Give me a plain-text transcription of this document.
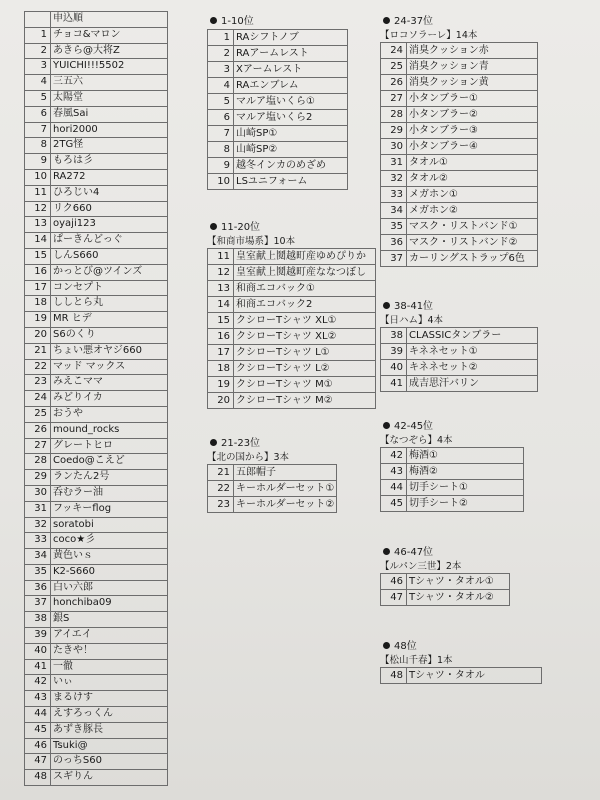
	申込順
1	チョコ&マロン
2	あきら@大将Z
3	YUICHI!!!5502
4	三五六
5	太陽堂
6	春風Sai
7	hori2000
8	2TG怪
9	もろは彡
10	RA272
11	ひろじい4
12	リク660
13	oyaji123
14	ぱーきんどっぐ
15	しんS660
16	かっとび@ツインズ
17	コンセプト
18	ししとら丸
19	MR ヒデ
20	S6のくり
21	ちょい悪オヤジ660
22	マッド マックス
23	みえこママ
24	みどりイカ
25	おうや
26	mound_rocks
27	グレートヒロ
28	Coedo@こえど
29	ランたん2号
30	呑むラー油
31	フッキーflog
32	soratobi
33	coco★彡
34	黄色いｓ
35	K2-S660
36	白い六郎
37	honchiba09
38	銀S
39	アイエイ
40	たきや！
41	一徹
42	いぃ
43	まるけす
44	えすろっくん
45	あずき豚長
46	Tsuki@
47	のっちS60
48	スギりん
1-10位
1	RAシフトノブ
2	RAアームレスト
3	Xアームレスト
4	RAエンブレム
5	マルア塩いくら①
6	マルア塩いくら2
7	山崎SP①
8	山崎SP②
9	越冬インカのめざめ
10	LSユニフォーム
11-20位
【和商市場系】10本
11	皇室献上鬩越町産ゆめぴりか
12	皇室献上鬩越町産ななつぼし
13	和商エコバック①
14	和商エコバック2
15	クシローTシャツ XL①
16	クシローTシャツ XL②
17	クシローTシャツ L①
18	クシローTシャツ L②
19	クシローTシャツ M①
20	クシローTシャツ M②
21-23位
【北の国から】3本
21	五郎帽子
22	キーホルダーセット①
23	キーホルダーセット②
24-37位
【ロコソラーレ】14本
24	消臭クッション赤
25	消臭クッション青
26	消臭クッション黄
27	小タンブラー①
28	小タンブラー②
29	小タンブラー③
30	小タンブラー④
31	タオル①
32	タオル②
33	メガホン①
34	メガホン②
35	マスク・リストバンド①
36	マスク・リストバンド②
37	カーリングストラップ6色
38-41位
【日ハム】4本
38	CLASSICタンブラー
39	キネネセット①
40	キネネセット②
41	成吉思汗バリン
42-45位
【なつぞら】4本
42	梅酒①
43	梅酒②
44	切手シート①
45	切手シート②
46-47位
【ルパン三世】2本
46	Tシャツ・タオル①
47	Tシャツ・タオル②
48位
【松山千春】1本
48	Tシャツ・タオル
